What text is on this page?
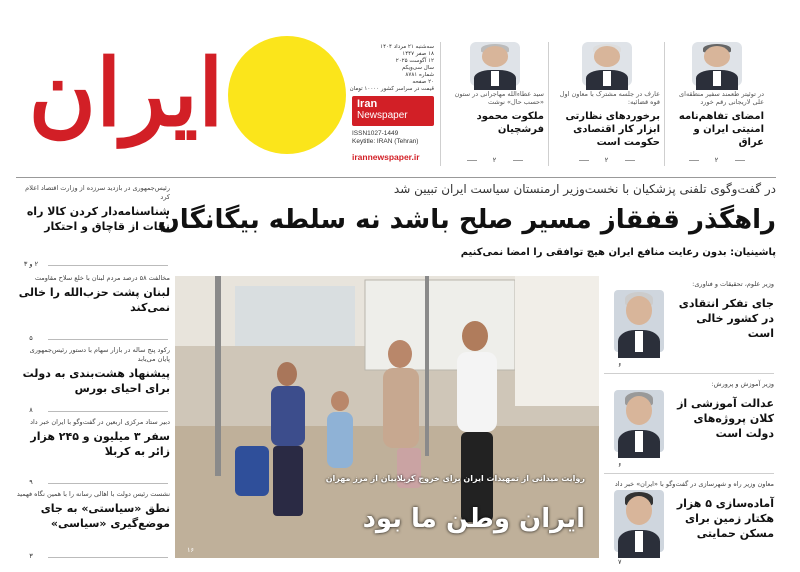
ایران	سه‌شنبه ۲۱ مرداد ۱۴۰۴
۱۸ صفر ۱۴۴۷
۱۲ آگوست ۲۰۲۵
سال سی‌ویکم
شماره ۸۷۸۱
۲۰ صفحه
قیمت در سراسر کشور ۱۰۰۰۰ تومان
Iran
Newspaper
ISSN1027-1449
Keytitle: IRAN (Tehran)
irannewspaper.ir
در توئیتر طعمند سفیر منطقه‌ای علی لاریجانی رقم خورد
امضای تفاهم‌نامه امنیتی ایران و عراق
۲
عارف در جلسه مشترک با معاون اول قوه قضائیه:
برخوردهای نظارتی ابزار کار اقتصادی حکومت است
۲
سید عطاءالله مهاجرانی در ستون «حسب حال» نوشت
ملکوت محمود فرشچیان
۲
در گفت‌وگوی تلفنی پزشکیان با نخست‌وزیر ارمنستان سیاست ایران تبیین شد
راهگذر قفقاز مسیر صلح باشد نه سلطه بیگانگان
پاشینیان: بدون رعایت منافع ایران هیچ توافقی را امضا نمی‌کنیم
رئیس‌جمهوری در بازدید سرزده از وزارت اقتصاد اعلام کرد
شناسنامه‌دار کردن کالا راه نجات از قاچاق و احتکار
۲ و ۳
مخالفت ۵۸ درصد مردم لبنان با خلع سلاح مقاومت
لبنان پشت حزب‌الله را خالی نمی‌کند
۵
رکود پنج ساله در بازار سهام با دستور رئیس‌جمهوری پایان می‌یابد
پیشنهاد هشت‌بندی به دولت برای احیای بورس
۸
دبیر ستاد مرکزی اربعین در گفت‌وگو با ایران خبر داد
سفر ۳ میلیون و ۲۴۵ هزار زائر به کربلا
۹
نشست رئیس دولت با اهالی رسانه را با همین نگاه فهمید
نطق «سیاستی» به جای موضع‌گیری «سیاسی»
۳
روایت میدانی از تمهیدات ایران برای خروج کربلاییان از مرز مهران
ایران وطن ما بود
۱۶
وزیر علوم، تحقیقات و فناوری:
جای تفکر انتقادی در کشور خالی است
۶
وزیر آموزش و پرورش:
عدالت آموزشی از کلان پروژه‌های دولت است
۶
معاون وزیر راه و شهرسازی در گفت‌وگو با «ایران» خبر داد
آماده‌سازی ۵ هزار هکتار زمین برای مسکن حمایتی
۷
